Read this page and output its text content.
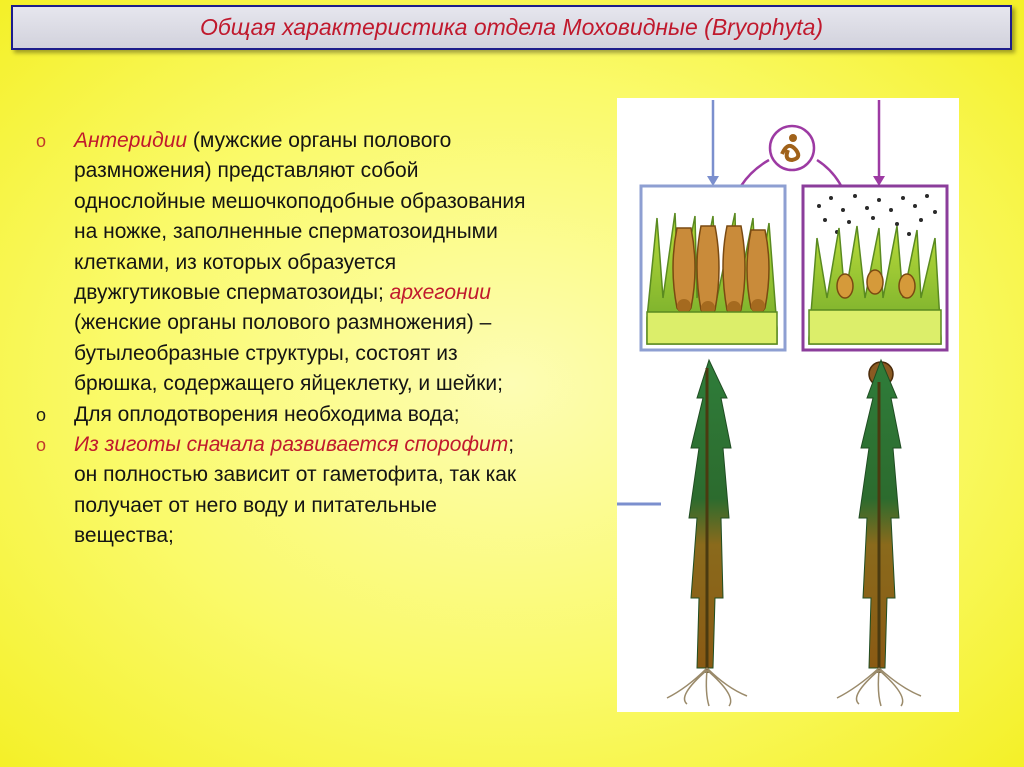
Общая характеристика отдела Моховидные (Bryophyta)
o Антеридии (мужские органы полового размножения) представляют собой однослойные мешочкоподобные образования на ножке, заполненные сперматозоидными клетками, из которых образуется двужгутиковые сперматозоиды; архегонии (женские органы полового размножения) – бутылеобразные структуры, состоят из брюшка, содержащего яйцеклетку, и шейки;
o Для оплодотворения необходима вода;
o Из зиготы сначала развивается спорофит; он полностью зависит от гаметофита, так как получает от него воду и питательные вещества;
